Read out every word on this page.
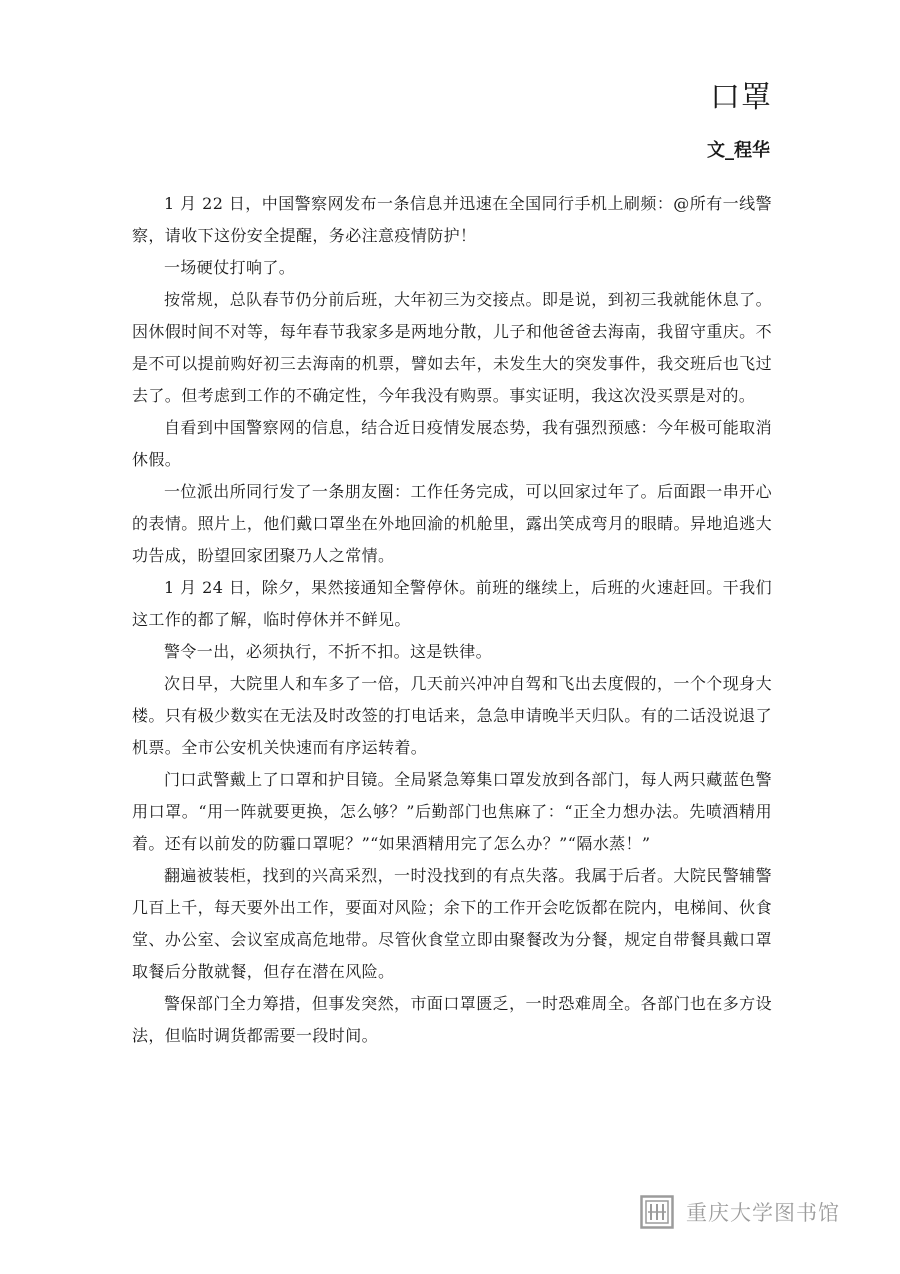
口罩
文_程华

1 月 22 日，中国警察网发布一条信息并迅速在全国同行手机上刷频：@所有一线警察，请收下这份安全提醒，务必注意疫情防护！

一场硬仗打响了。

按常规，总队春节仍分前后班，大年初三为交接点。即是说，到初三我就能休息了。因休假时间不对等，每年春节我家多是两地分散，儿子和他爸爸去海南，我留守重庆。不是不可以提前购好初三去海南的机票，譬如去年，未发生大的突发事件，我交班后也飞过去了。但考虑到工作的不确定性，今年我没有购票。事实证明，我这次没买票是对的。

自看到中国警察网的信息，结合近日疫情发展态势，我有强烈预感：今年极可能取消休假。

一位派出所同行发了一条朋友圈：工作任务完成，可以回家过年了。后面跟一串开心的表情。照片上，他们戴口罩坐在外地回渝的机舱里，露出笑成弯月的眼睛。异地追逃大功告成，盼望回家团聚乃人之常情。

1 月 24 日，除夕，果然接通知全警停休。前班的继续上，后班的火速赶回。干我们这工作的都了解，临时停休并不鲜见。

警令一出，必须执行，不折不扣。这是铁律。

次日早，大院里人和车多了一倍，几天前兴冲冲自驾和飞出去度假的，一个个现身大楼。只有极少数实在无法及时改签的打电话来，急急申请晚半天归队。有的二话没说退了机票。全市公安机关快速而有序运转着。

门口武警戴上了口罩和护目镜。全局紧急筹集口罩发放到各部门，每人两只藏蓝色警用口罩。“用一阵就要更换，怎么够？”后勤部门也焦麻了：“正全力想办法。先喷酒精用着。还有以前发的防霾口罩呢？”“如果酒精用完了怎么办？”“隔水蒸！”

翻遍被装柜，找到的兴高采烈，一时没找到的有点失落。我属于后者。大院民警辅警几百上千，每天要外出工作，要面对风险；余下的工作开会吃饭都在院内，电梯间、伙食堂、办公室、会议室成高危地带。尽管伙食堂立即由聚餐改为分餐，规定自带餐具戴口罩取餐后分散就餐，但存在潜在风险。

警保部门全力筹措，但事发突然，市面口罩匮乏，一时恐难周全。各部门也在多方设法，但临时调货都需要一段时间。

重庆大学图书馆
